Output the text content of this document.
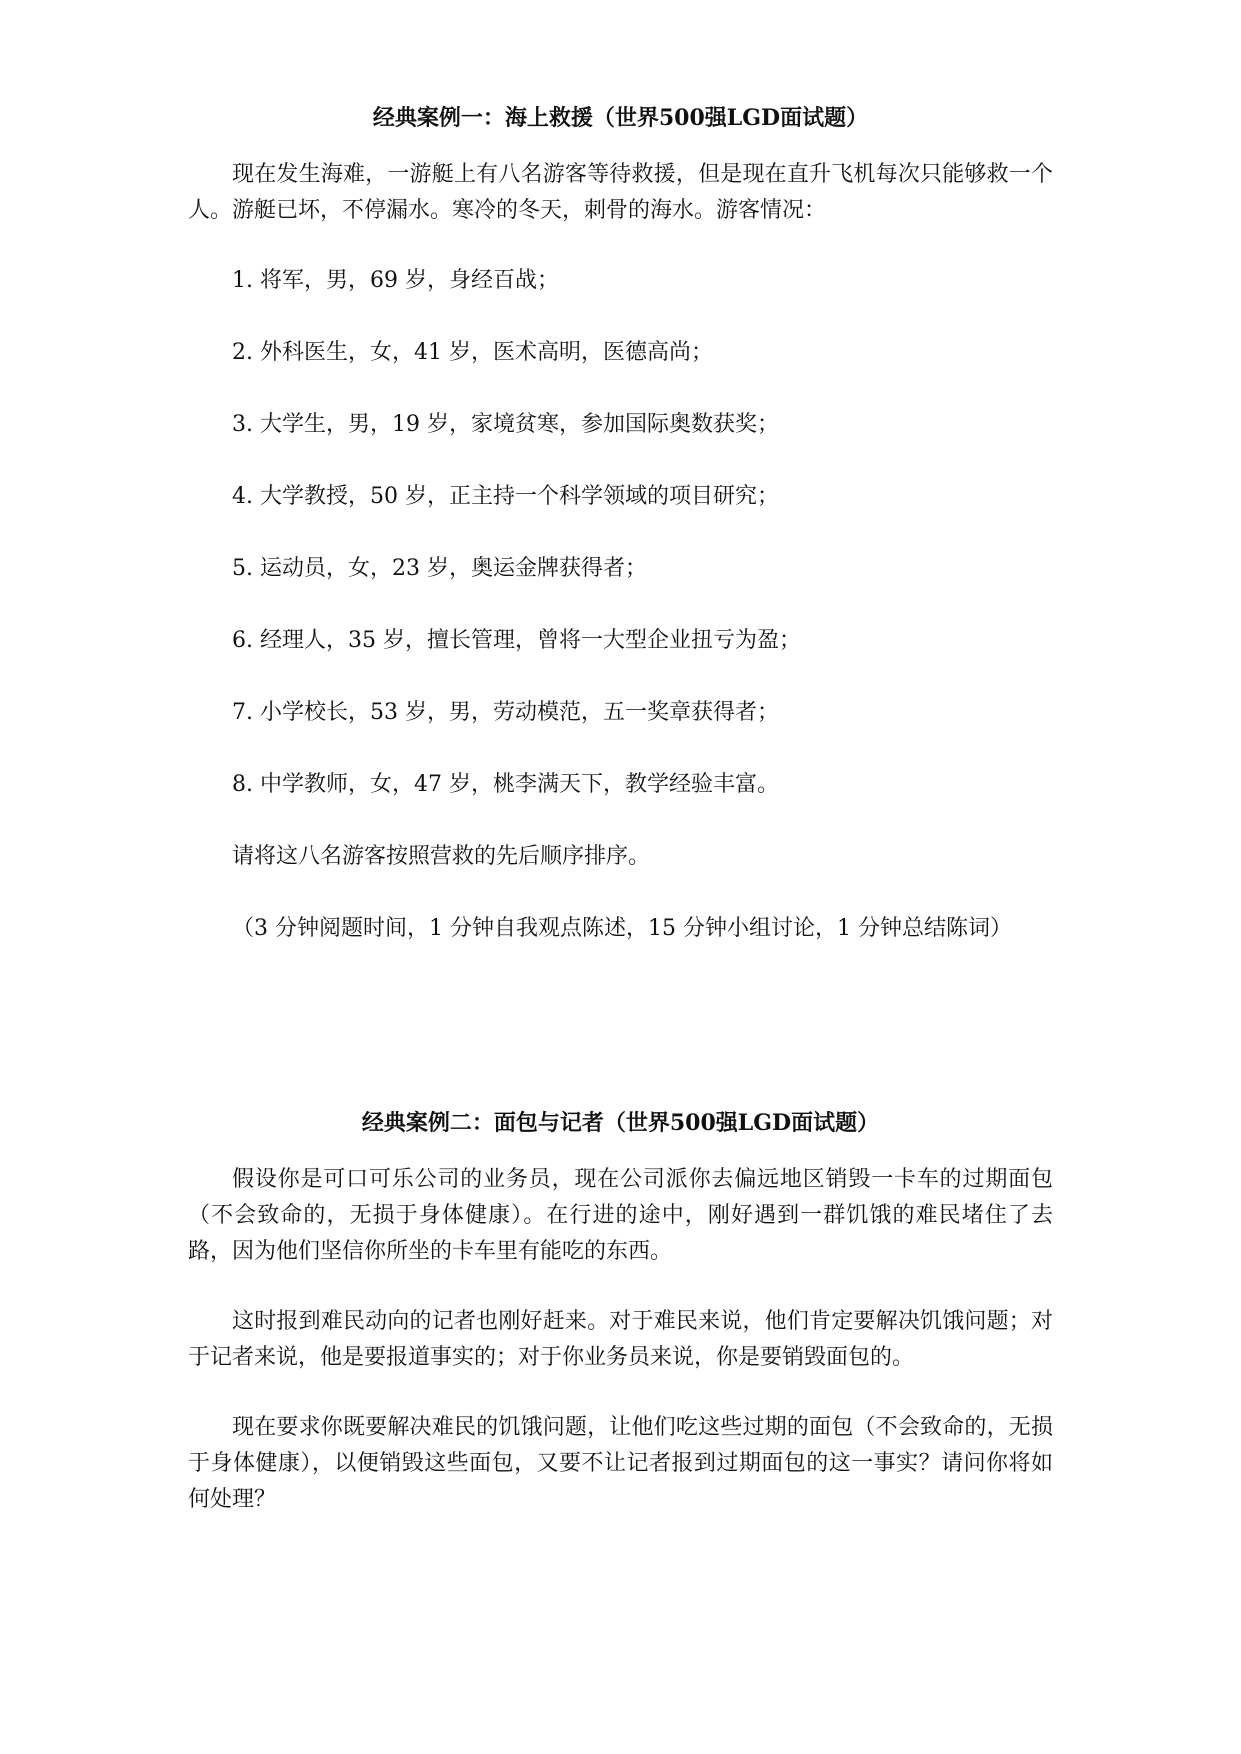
经典案例一：海上救援（世界500强LGD面试题）

现在发生海难，一游艇上有八名游客等待救援，但是现在直升飞机每次只能够救一个人。游艇已坏，不停漏水。寒冷的冬天，刺骨的海水。游客情况：

1. 将军，男，69 岁，身经百战；
2. 外科医生，女，41 岁，医术高明，医德高尚；
3. 大学生，男，19 岁，家境贫寒，参加国际奥数获奖；
4. 大学教授，50 岁，正主持一个科学领域的项目研究；
5. 运动员，女，23 岁，奥运金牌获得者；
6. 经理人，35 岁，擅长管理，曾将一大型企业扭亏为盈；
7. 小学校长，53 岁，男，劳动模范，五一奖章获得者；
8. 中学教师，女，47 岁，桃李满天下，教学经验丰富。
请将这八名游客按照营救的先后顺序排序。

（3 分钟阅题时间，1 分钟自我观点陈述，15 分钟小组讨论，1 分钟总结陈词）

经典案例二：面包与记者（世界500强LGD面试题）

假设你是可口可乐公司的业务员，现在公司派你去偏远地区销毁一卡车的过期面包（不会致命的，无损于身体健康）。在行进的途中，刚好遇到一群饥饿的难民堵住了去路，因为他们坚信你所坐的卡车里有能吃的东西。

这时报到难民动向的记者也刚好赶来。对于难民来说，他们肯定要解决饥饿问题；对于记者来说，他是要报道事实的；对于你业务员来说，你是要销毁面包的。

现在要求你既要解决难民的饥饿问题，让他们吃这些过期的面包（不会致命的，无损于身体健康），以便销毁这些面包，又要不让记者报到过期面包的这一事实？请问你将如何处理？
